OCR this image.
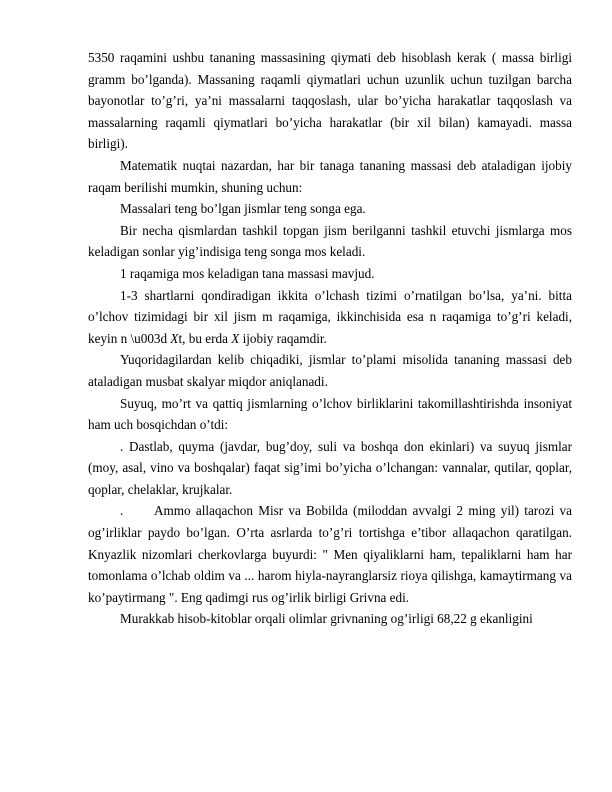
5350 raqamini ushbu tananing massasining qiymati deb hisoblash kerak ( massa birligi gramm bo’lganda). Massaning raqamli qiymatlari uchun uzunlik uchun tuzilgan barcha bayonotlar to’g’ri, ya’ni massalarni taqqoslash, ular bo’yicha harakatlar taqqoslash va massalarning raqamli qiymatlari bo’yicha harakatlar (bir xil bilan) kamayadi. massa birligi).

Matematik nuqtai nazardan, har bir tanaga tananing massasi deb ataladigan ijobiy raqam berilishi mumkin, shuning uchun:

Massalari teng bo’lgan jismlar teng songa ega.

Bir necha qismlardan tashkil topgan jism berilganni tashkil etuvchi jismlarga mos keladigan sonlar yig’indisiga teng songa mos keladi.

1 raqamiga mos keladigan tana massasi mavjud.

1-3 shartlarni qondiradigan ikkita o’lchash tizimi o’rnatilgan bo’lsa, ya’ni. bitta o’lchov tizimidagi bir xil jism m raqamiga, ikkinchisida esa n raqamiga to’g’ri keladi, keyin n \u003d Xt, bu erda X ijobiy raqamdir.

Yuqoridagilardan kelib chiqadiki, jismlar to’plami misolida tananing massasi deb ataladigan musbat skalyar miqdor aniqlanadi.

Suyuq, mo’rt va qattiq jismlarning o’lchov birliklarini takomillashtirishda insoniyat ham uch bosqichdan o’tdi:

. Dastlab, quyma (javdar, bug’doy, suli va boshqa don ekinlari) va suyuq jismlar (moy, asal, vino va boshqalar) faqat sig’imi bo’yicha o’lchangan: vannalar, qutilar, qoplar, qoplar, chelaklar, krujkalar.

.      Ammo allaqachon Misr va Bobilda (miloddan avvalgi 2 ming yil) tarozi va og’irliklar paydo bo’lgan. O’rta asrlarda to’g’ri tortishga e’tibor allaqachon qaratilgan. Knyazlik nizomlari cherkovlarga buyurdi: " Men qiyaliklarni ham, tepaliklarni ham har tomonlama o’lchab oldim va ... harom hiyla-nayranglarsiz rioya qilishga, kamaytirmang va ko’paytirmang ". Eng qadimgi rus og’irlik birligi Grivna edi.

Murakkab hisob-kitoblar orqali olimlar grivnaning og’irligi 68,22 g ekanligini
